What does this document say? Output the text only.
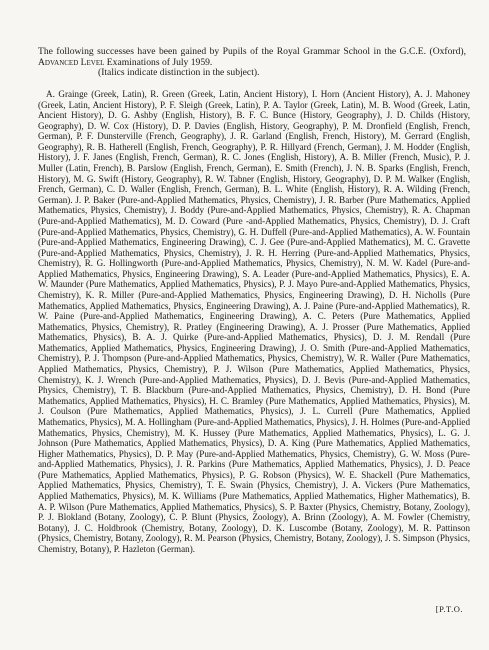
The following successes have been gained by Pupils of the Royal Grammar School in the G.C.E. (Oxford), Advanced Level Examinations of July 1959.

(Italics indicate distinction in the subject).

A. Grainge (Greek, Latin), R. Green (Greek, Latin, Ancient History), I. Horn (Ancient History), A. J. Mahoney (Greek, Latin, Ancient History), P. F. Sleigh (Greek, Latin), P. A. Taylor (Greek, Latin), M. B. Wood (Greek, Latin, Ancient History), D. G. Ashby (English, History), B. F. C. Bunce (History, Geography), J. D. Childs (History, Geography), D. W. Cox (History), D. P. Davies (English, History, Geography), P. M. Dronfield (English, French, German), P. F. Dunsterville (French, Geography), J. R. Garland (English, French, History), M. Gerrard (English, Geography), R. B. Hatherell (English, French, Geography), P. R. Hillyard (French, German), J. M. Hodder (English, History), J. F. Janes (English, French, German), R. C. Jones (English, History), A. B. Miller (French, Music), P. J. Muller (Latin, French), B. Parslow (English, French, German), E. Smith (French), J. N. B. Sparks (English, French, History), M. G. Swift (History, Geography), R. W. Tabner (English, History, Geography), D. P. M. Walker (English, French, German), C. D. Waller (English, French, German), B. L. White (English, History), R. A. Wilding (French, German). J. P. Baker (Pure-and-Applied Mathematics, Physics, Chemistry), J. R. Barber (Pure Mathematics, Applied Mathematics, Physics, Chemistry), J. Boddy (Pure-and-Applied Mathematics, Physics, Chemistry), R. A. Chapman (Pure-and-Applied Mathematics), M. D. Coward (Pure -and-Applied Mathematics, Physics, Chemistry), D. J. Craft (Pure-and-Applied Mathematics, Physics, Chemistry), G. H. Duffell (Pure-and-Applied Mathematics), A. W. Fountain (Pure-and-Applied Mathematics, Engineering Drawing), C. J. Gee (Pure-and-Applied Mathematics), M. C. Gravette (Pure-and-Applied Mathematics, Physics, Chemistry), J. R. H. Herring (Pure-and-Applied Mathematics, Physics, Chemistry), R. G. Hollingworth (Pure-and-Applied Mathematics, Physics, Chemistry), N. M. W. Kadel (Pure-and-Applied Mathematics, Physics, Engineering Drawing), S. A. Leader (Pure-and-Applied Mathematics, Physics), E. A. W. Maunder (Pure Mathematics, Applied Mathematics, Physics), P. J. Mayo Pure-and-Applied Mathematics, Physics, Chemistry), K. R. Miller (Pure-and-Applied Mathematics, Physics, Engineering Drawing), D. H. Nicholls (Pure Mathematics, Applied Mathematics, Physics, Engineering Drawing), A. J. Paine (Pure-and-Applied Mathematics), R. W. Paine (Pure-and-Applied Mathematics, Engineering Drawing), A. C. Peters (Pure Mathematics, Applied Mathematics, Physics, Chemistry), R. Pratley (Engineering Drawing), A. J. Prosser (Pure Mathematics, Applied Mathematics, Physics), B. A. J. Quirke (Pure-and-Applied Mathematics, Physics), D. J. M. Rendall (Pure Mathematics, Applied Mathematics, Physics, Engineering Drawing), J. O. Smith (Pure-and-Applied Mathematics, Chemistry), P. J. Thompson (Pure-and-Applied Mathematics, Physics, Chemistry), W. R. Waller (Pure Mathematics, Applied Mathematics, Physics, Chemistry), P. J. Wilson (Pure Mathematics, Applied Mathematics, Physics, Chemistry), K. J. Wrench (Pure-and-Applied Mathematics, Physics), D. J. Bevis (Pure-and-Applied Mathematics, Physics, Chemistry), T. B. Blackburn (Pure-and-Applied Mathematics, Physics, Chemistry), D. H. Bond (Pure Mathematics, Applied Mathematics, Physics), H. C. Bramley (Pure Mathematics, Applied Mathematics, Physics), M. J. Coulson (Pure Mathematics, Applied Mathematics, Physics), J. L. Currell (Pure Mathematics, Applied Mathematics, Physics), M. A. Hollingham (Pure-and-Applied Mathematics, Physics), J. H. Holmes (Pure-and-Applied Mathematics, Physics, Chemistry), M. K. Hussey (Pure Mathematics, Applied Mathematics, Physics), L. G. J. Johnson (Pure Mathematics, Applied Mathematics, Physics), D. A. King (Pure Mathematics, Applied Mathematics, Higher Mathematics, Physics), D. P. May (Pure-and-Applied Mathematics, Physics, Chemistry), G. W. Moss (Pure-and-Applied Mathematics, Physics), J. R. Parkins (Pure Mathematics, Applied Mathematics, Physics), J. D. Peace (Pure Mathematics, Applied Mathematics, Physics), P. G. Robson (Physics), W. E. Shackell (Pure Mathematics, Applied Mathematics, Physics, Chemistry), T. E. Swain (Physics, Chemistry), J. A. Vickers (Pure Mathematics, Applied Mathematics, Physics), M. K. Williams (Pure Mathematics, Applied Mathematics, Higher Mathematics), B. A. P. Wilson (Pure Mathematics, Applied Mathematics, Physics), S. P. Baxter (Physics, Chemistry, Botany, Zoology), P. J. Blokland (Botany, Zoology), C. P. Blunt (Physics, Zoology), A. Brinn (Zoology), A. M. Fowler (Chemistry, Botany), J. C. Holdbrook (Chemistry, Botany, Zoology), D. K. Luscombe (Botany, Zoology), M. R. Pattinson (Physics, Chemistry, Botany, Zoology), R. M. Pearson (Physics, Chemistry, Botany, Zoology), J. S. Simpson (Physics, Chemistry, Botany), P. Hazleton (German).

[P.T.O.
